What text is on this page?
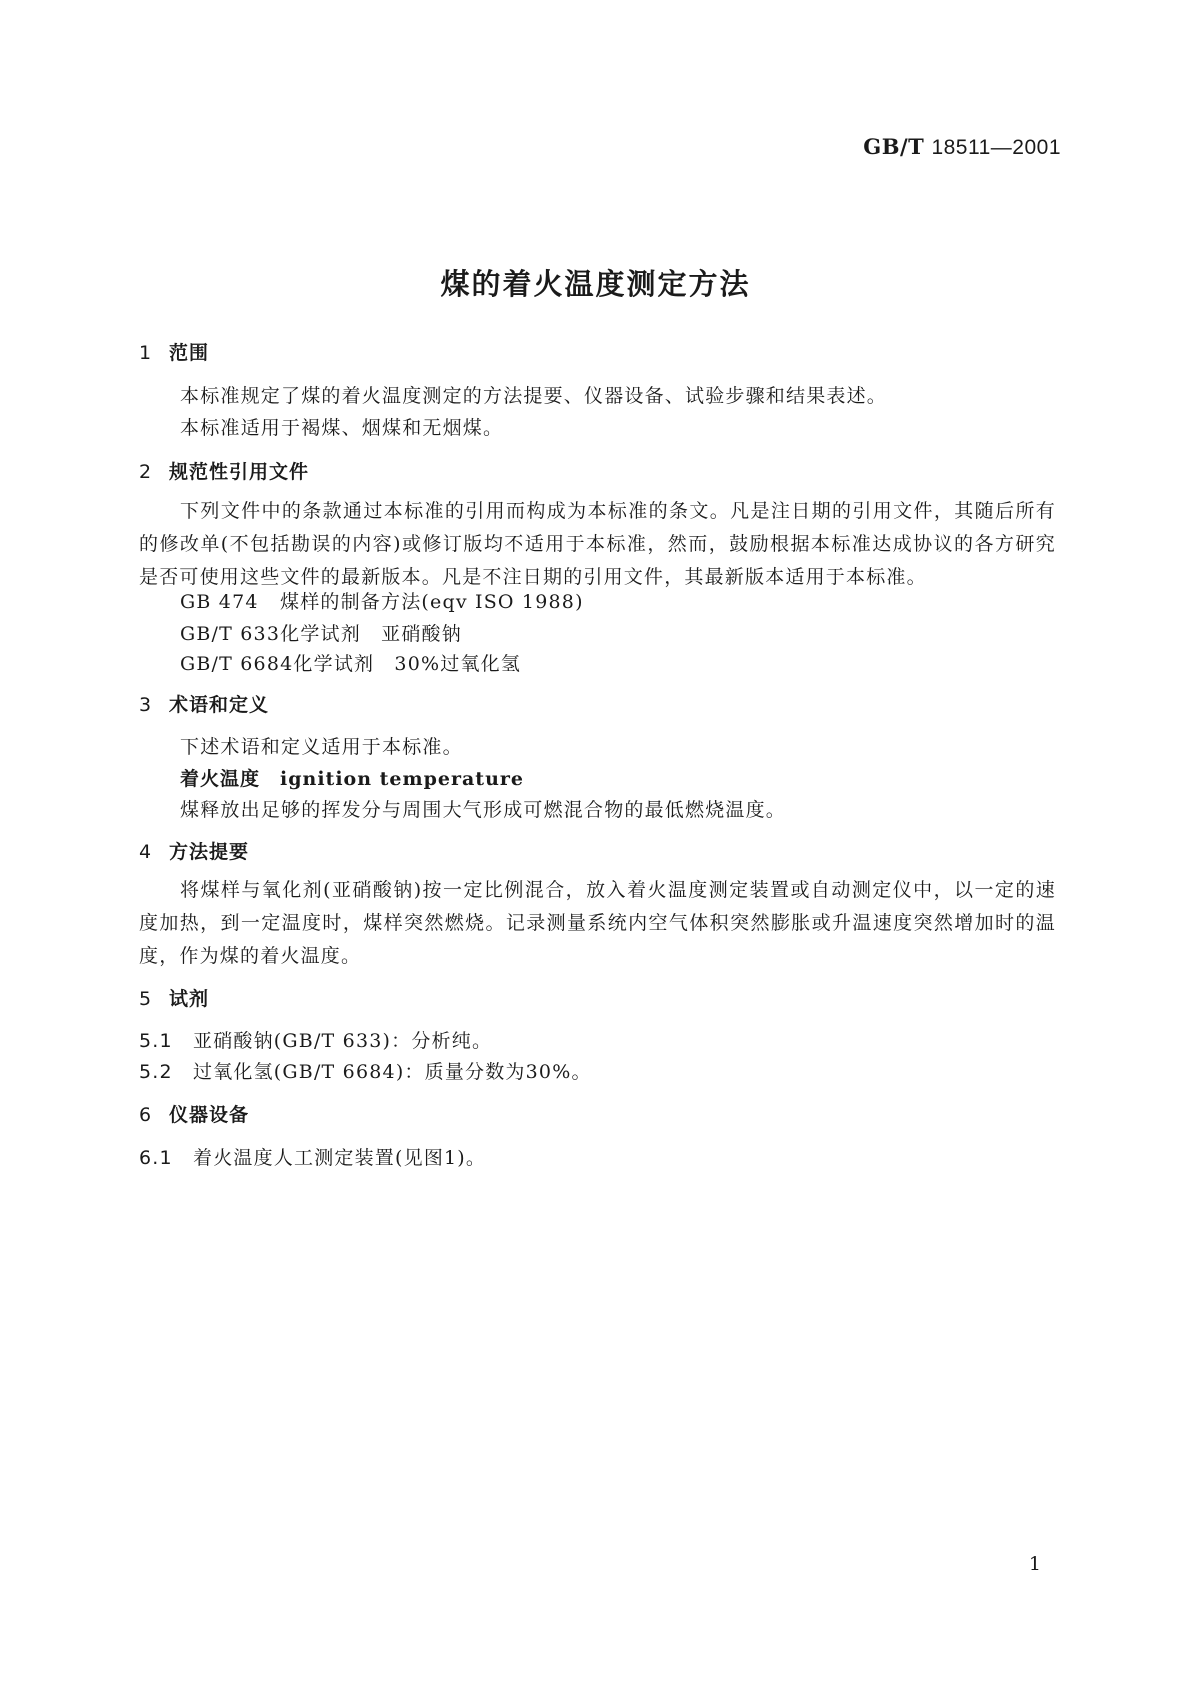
GB/T 18511—2001
煤的着火温度测定方法
1 范围

本标准规定了煤的着火温度测定的方法提要、仪器设备、试验步骤和结果表述。

本标准适用于褐煤、烟煤和无烟煤。

2 规范性引用文件

下列文件中的条款通过本标准的引用而构成为本标准的条文。凡是注日期的引用文件，其随后所有的修改单(不包括勘误的内容)或修订版均不适用于本标准，然而，鼓励根据本标准达成协议的各方研究是否可使用这些文件的最新版本。凡是不注日期的引用文件，其最新版本适用于本标准。

GB 474 煤样的制备方法(eqv ISO 1988)

GB/T 633化学试剂　亚硝酸钠

GB/T 6684化学试剂　30%过氧化氢

3 术语和定义

下述术语和定义适用于本标准。

着火温度 ignition temperature

煤释放出足够的挥发分与周围大气形成可燃混合物的最低燃烧温度。

4 方法提要

将煤样与氧化剂(亚硝酸钠)按一定比例混合，放入着火温度测定装置或自动测定仪中，以一定的速度加热，到一定温度时，煤样突然燃烧。记录测量系统内空气体积突然膨胀或升温速度突然增加时的温度，作为煤的着火温度。

5 试剂

5.1 亚硝酸钠(GB/T 633)：分析纯。

5.2 过氧化氢(GB/T 6684)：质量分数为30%。

6 仪器设备

6.1 着火温度人工测定装置(见图1)。

1
